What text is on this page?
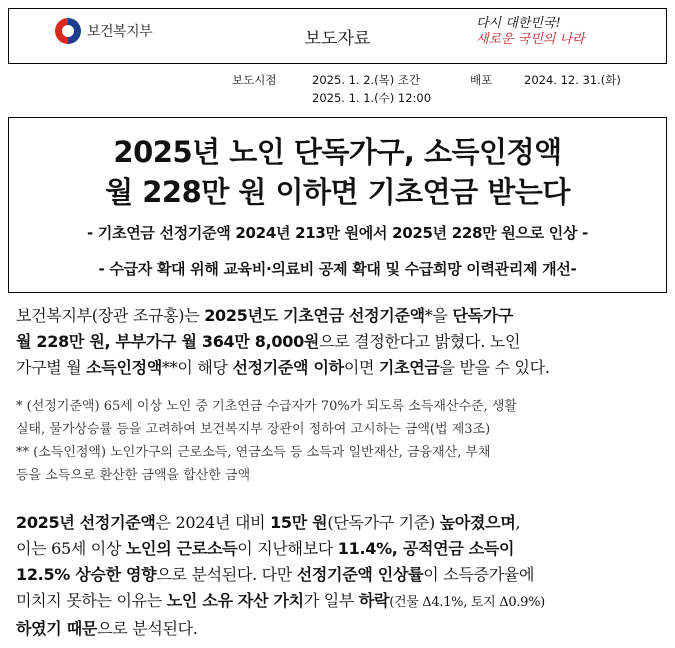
보건복지부	보도자료
다시 대한민국!
새로운 국민의 나라
보도시점	2025. 1. 2.(목) 조간
2025. 1. 1.(수) 12:00
배포	2024. 12. 31.(화)
2025년 노인 단독가구, 소득인정액
월 228만 원 이하면 기초연금 받는다
- 기초연금 선정기준액 2024년 213만 원에서 2025년 228만 원으로 인상 -
- 수급자 확대 위해 교육비·의료비 공제 확대 및 수급희망 이력관리제 개선-
보건복지부(장관 조규홍)는 2025년도 기초연금 선정기준액*을 단독가구
월 228만 원, 부부가구 월 364만 8,000원으로 결정한다고 밝혔다. 노인
가구별 월 소득인정액**이 해당 선정기준액 이하이면 기초연금을 받을 수 있다.
* (선정기준액) 65세 이상 노인 중 기초연금 수급자가 70%가 되도록 소득재산수준, 생활
실태, 물가상승률 등을 고려하여 보건복지부 장관이 정하여 고시하는 금액(법 제3조)
** (소득인정액) 노인가구의 근로소득, 연금소득 등 소득과 일반재산, 금융재산, 부채
등을 소득으로 환산한 금액을 합산한 금액
2025년 선정기준액은 2024년 대비 15만 원(단독가구 기준) 높아졌으며,
이는 65세 이상 노인의 근로소득이 지난해보다 11.4%, 공적연금 소득이
12.5% 상승한 영향으로 분석된다. 다만 선정기준액 인상률이 소득증가율에
미치지 못하는 이유는 노인 소유 자산 가치가 일부 하락(건물 Δ4.1%, 토지 Δ0.9%)
하였기 때문으로 분석된다.
